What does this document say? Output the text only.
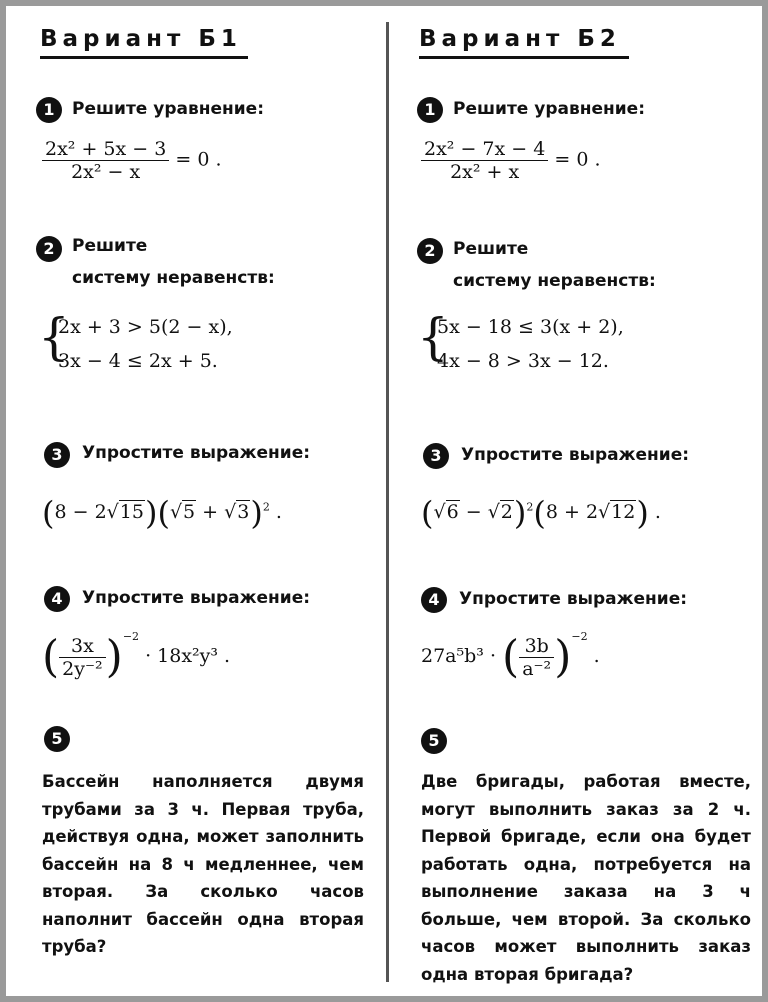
Вариант Б1
1	Решите уравнение:
$\frac{\text{2x² + 5x − 3}}{\text{2x² − x}} = 0$ .
2	Решите
систему неравенств:
{
2x + 3 > 5(2 − x),
3x − 4 ≤ 2x + 5.
3	Упростите выражение:
$(8 - 2√15)(√5 + √3)^2$ .
4	Упростите выражение:
( $\frac{3x}{\text{2y⁻²}} )^{-2} \cdot 18x^2y^3$ .
5
Бассейн наполняется двумя трубами за 3 ч. Первая труба, действуя одна, может заполнить бассейн на 8 ч медленнее, чем вторая. За сколько часов наполнит бассейн одна вторая труба?
Вариант Б2
1	Решите уравнение:
$\frac{\text{2x² − 7x − 4}}{\text{2x² + x}} = 0$ .
2	Решите
систему неравенств:
{
5x − 18 ≤ 3(x + 2),
4x − 8 > 3x − 12.
3	Упростите выражение:
$(√6 - √2)^2(8 + 2√12)$ .
4	Упростите выражение:
27a⁵b³ · ( $\frac{3b}{\text{a⁻²}} )^{-2}$ .
5
Две бригады, работая вместе, могут выполнить заказ за 2 ч. Первой бригаде, если она будет работать одна, потребуется на выполнение заказа на 3 ч больше, чем второй. За сколько часов может выполнить заказ одна вторая бригада?
